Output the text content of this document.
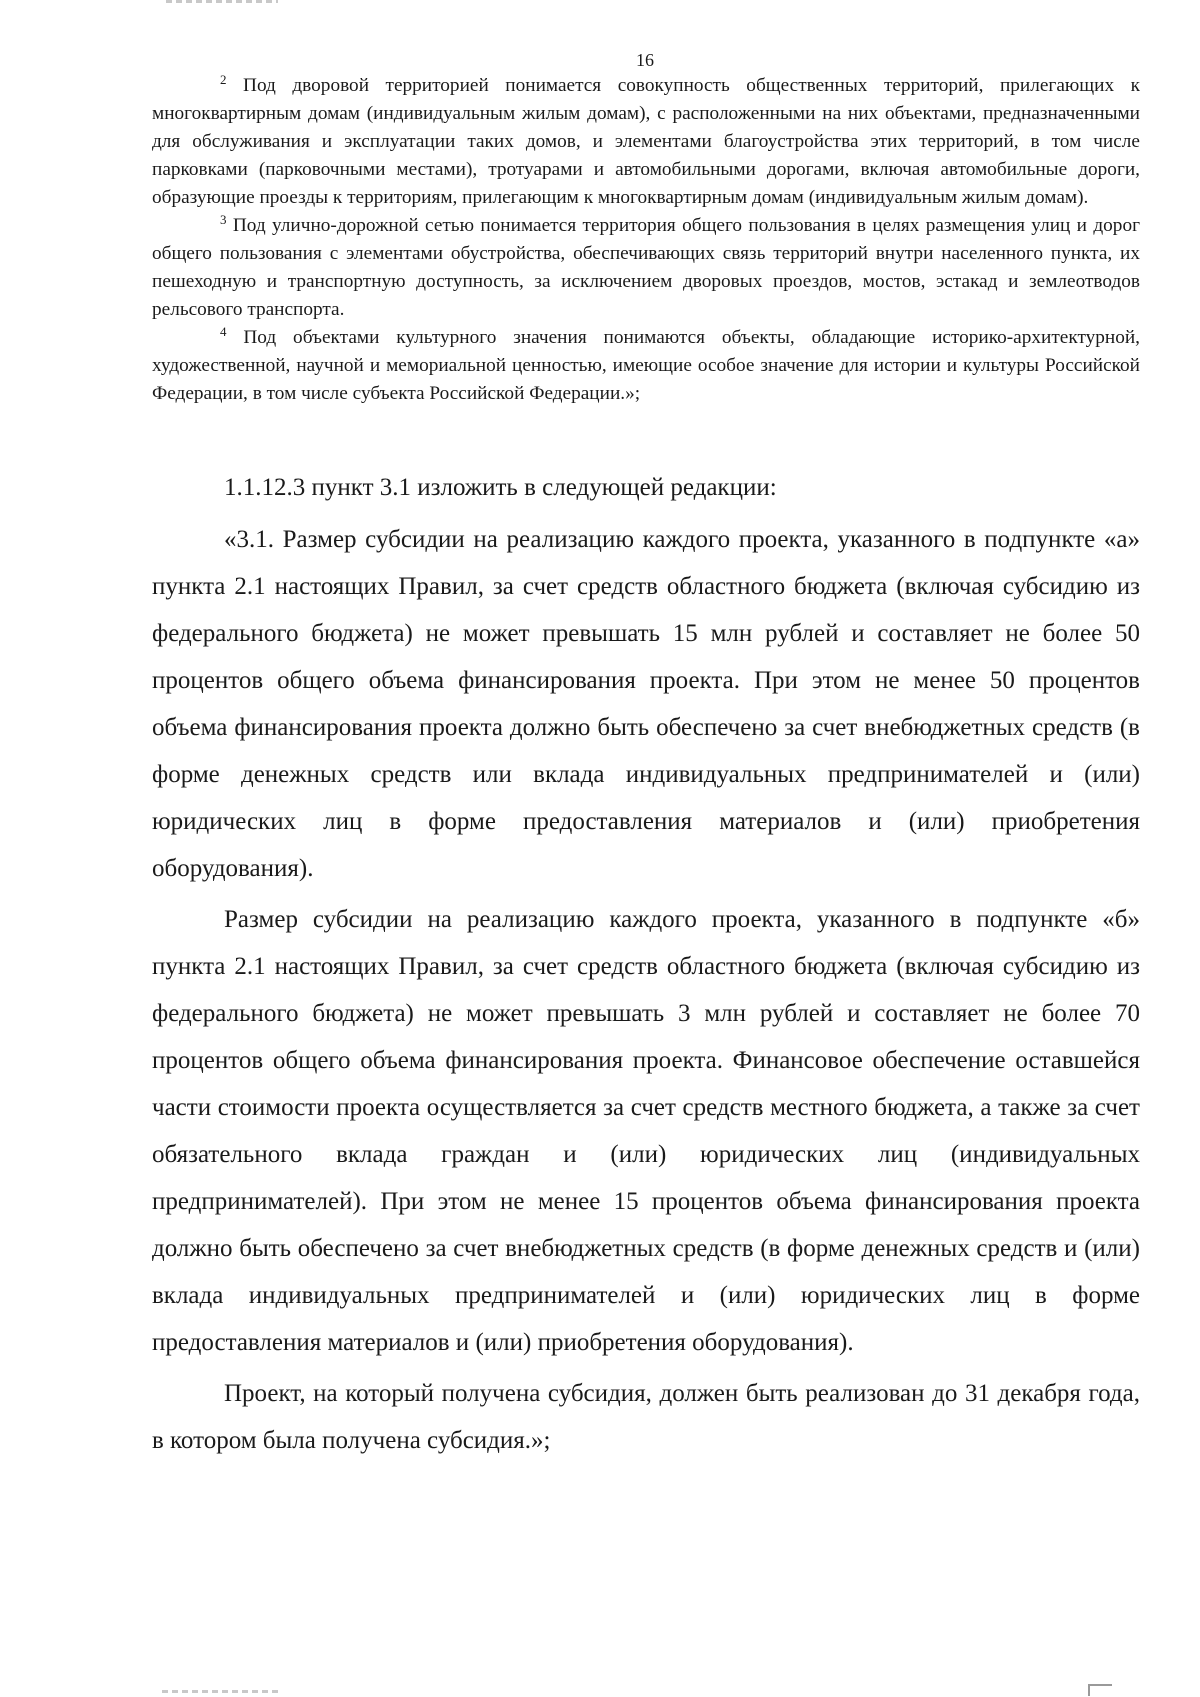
16

$^2$ Под дворовой территорией понимается совокупность общественных территорий, прилегающих к многоквартирным домам (индивидуальным жилым домам), с расположенными на них объектами, предназначенными для обслуживания и эксплуатации таких домов, и элементами благоустройства этих территорий, в том числе парковками (парковочными местами), тротуарами и автомобильными дорогами, включая автомобильные дороги, образующие проезды к территориям, прилегающим к многоквартирным домам (индивидуальным жилым домам).

$^3$ Под улично-дорожной сетью понимается территория общего пользования в целях размещения улиц и дорог общего пользования с элементами обустройства, обеспечивающих связь территорий внутри населенного пункта, их пешеходную и транспортную доступность, за исключением дворовых проездов, мостов, эстакад и землеотводов рельсового транспорта.

$^4$ Под объектами культурного значения понимаются объекты, обладающие историко-архитектурной, художественной, научной и мемориальной ценностью, имеющие особое значение для истории и культуры Российской Федерации, в том числе субъекта Российской Федерации.»;

1.1.12.3 пункт 3.1 изложить в следующей редакции:

«3.1. Размер субсидии на реализацию каждого проекта, указанного в подпункте «а» пункта 2.1 настоящих Правил, за счет средств областного бюджета (включая субсидию из федерального бюджета) не может превышать 15 млн рублей и составляет не более 50 процентов общего объема финансирования проекта. При этом не менее 50 процентов объема финансирования проекта должно быть обеспечено за счет внебюджетных средств (в форме денежных средств или вклада индивидуальных предпринимателей и (или) юридических лиц в форме предоставления материалов и (или) приобретения оборудования).

Размер субсидии на реализацию каждого проекта, указанного в подпункте «б» пункта 2.1 настоящих Правил, за счет средств областного бюджета (включая субсидию из федерального бюджета) не может превышать 3 млн рублей и составляет не более 70 процентов общего объема финансирования проекта. Финансовое обеспечение оставшейся части стоимости проекта осуществляется за счет средств местного бюджета, а также за счет обязательного вклада граждан и (или) юридических лиц (индивидуальных предпринимателей). При этом не менее 15 процентов объема финансирования проекта должно быть обеспечено за счет внебюджетных средств (в форме денежных средств и (или) вклада индивидуальных предпринимателей и (или) юридических лиц в форме предоставления материалов и (или) приобретения оборудования).

Проект, на который получена субсидия, должен быть реализован до 31 декабря года, в котором была получена субсидия.»;
